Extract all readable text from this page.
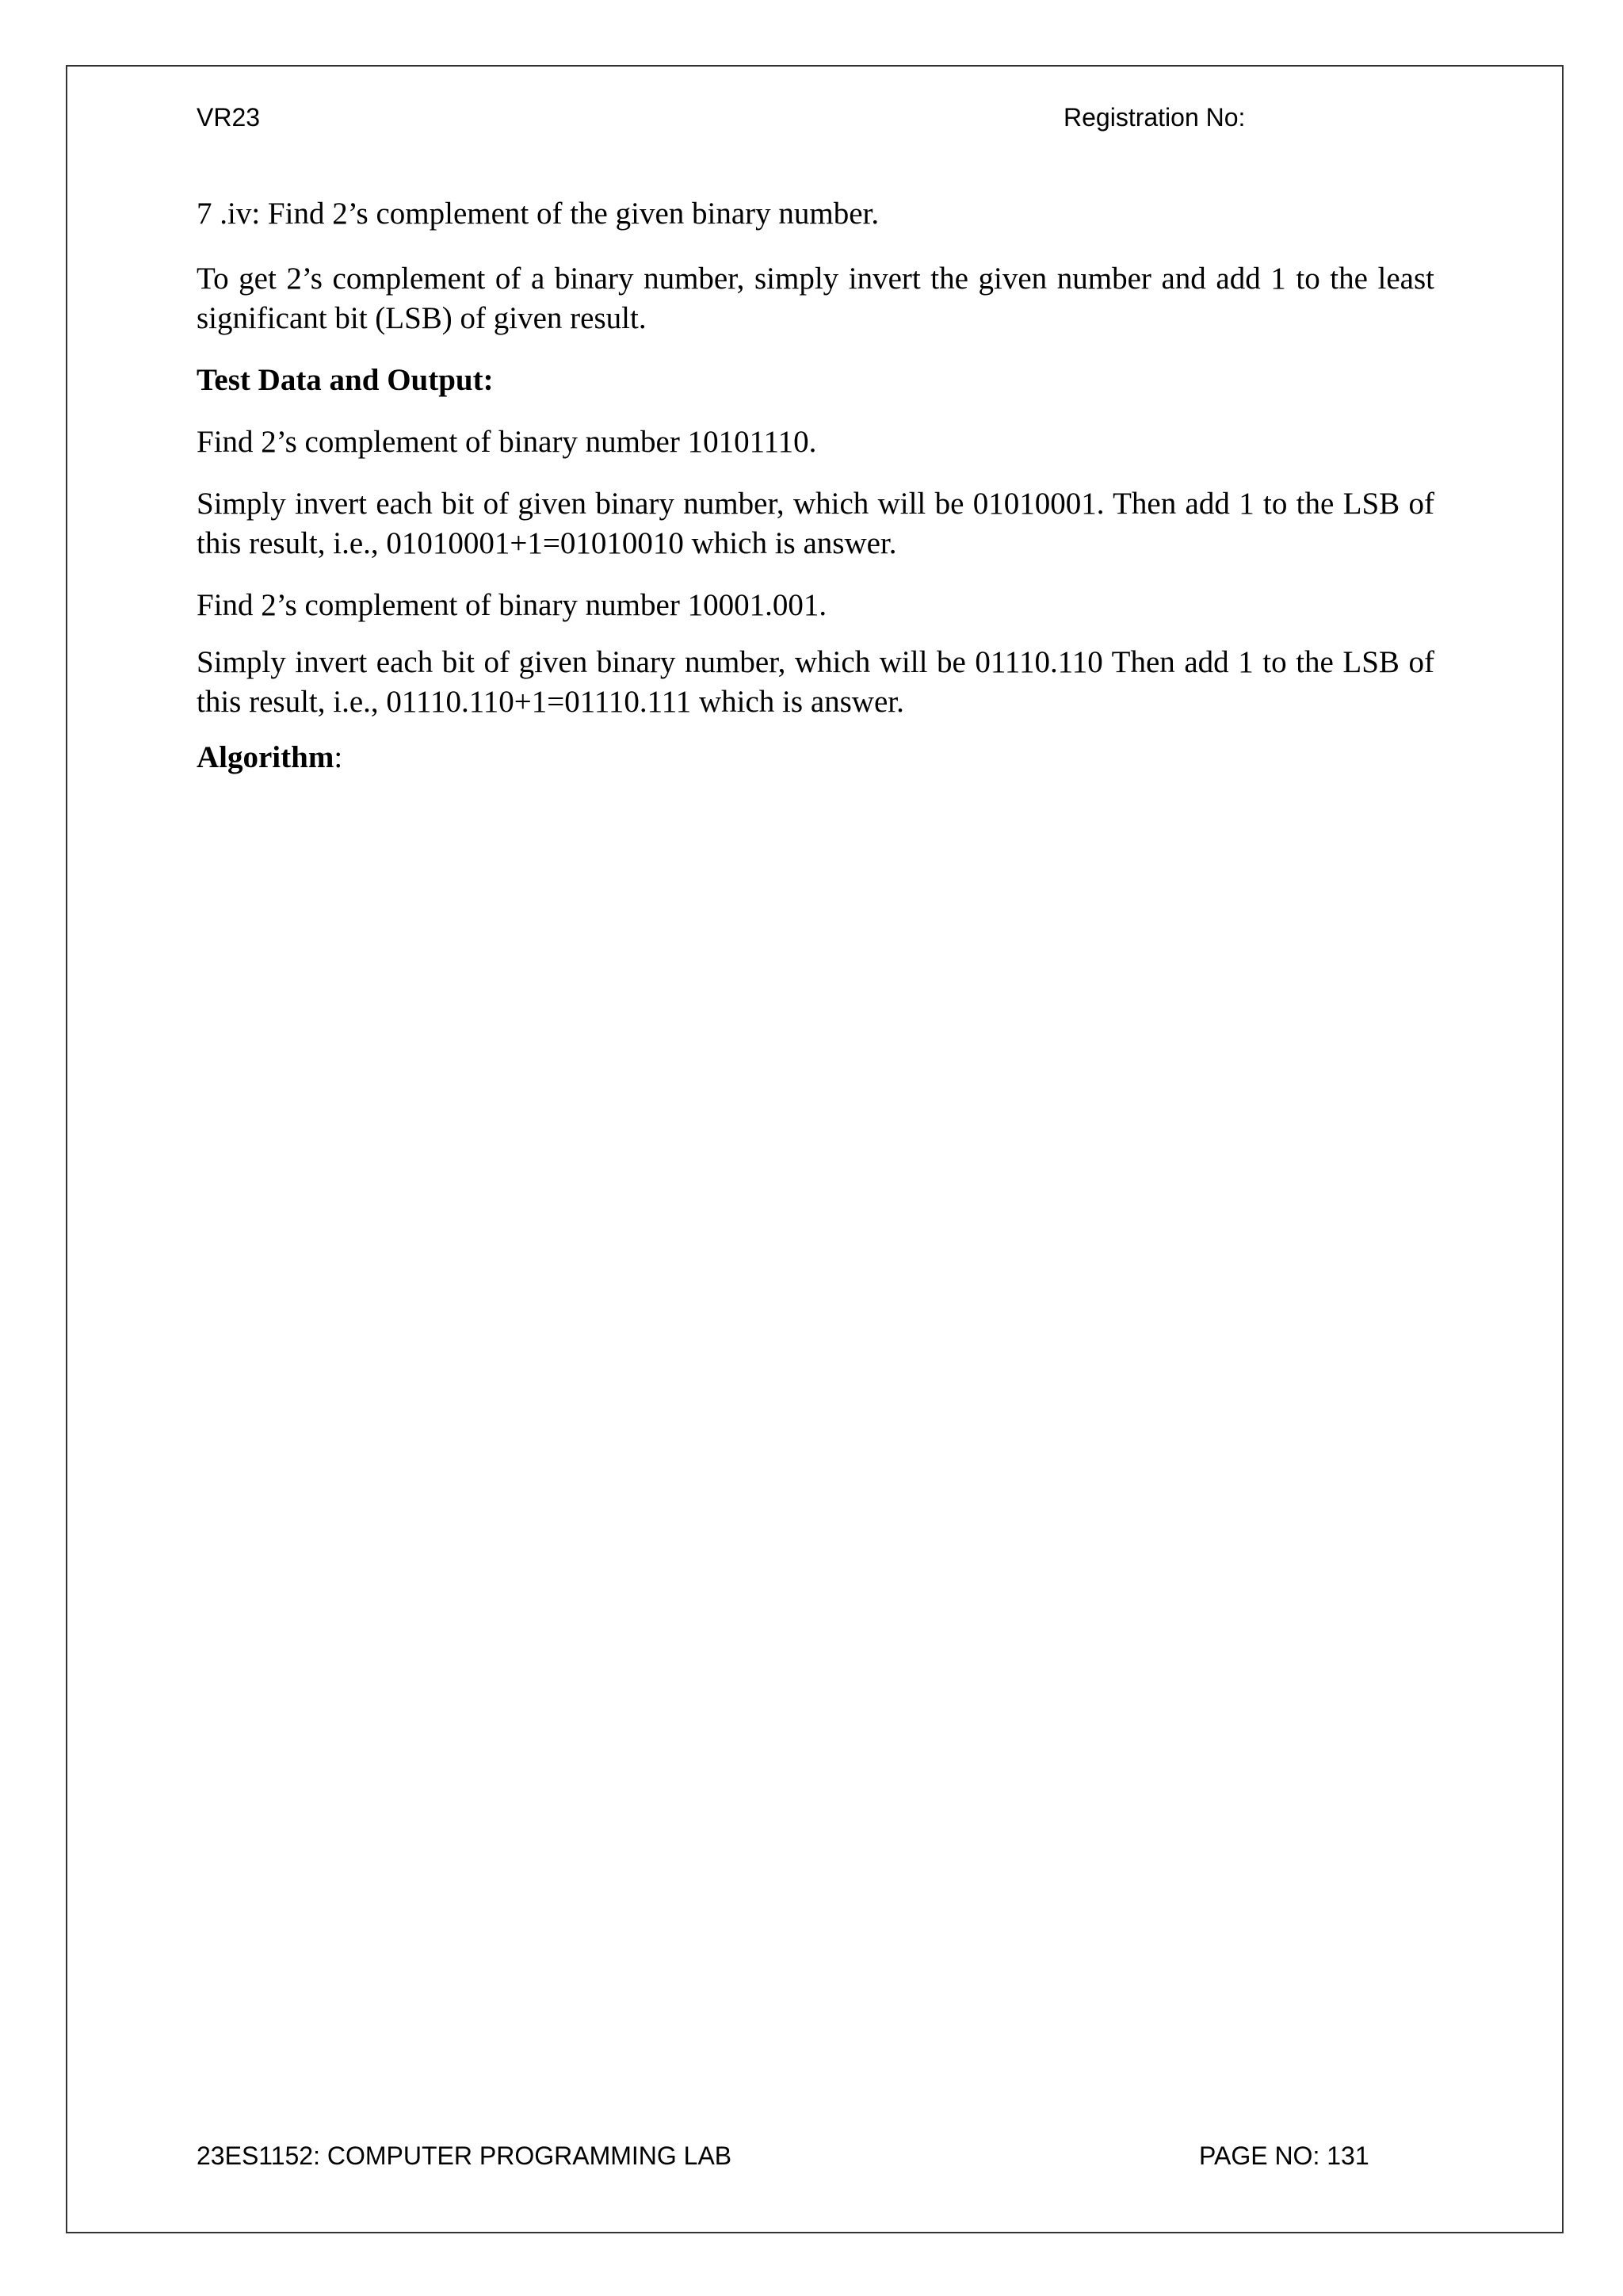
VR23	Registration No:

7 .iv: Find 2’s complement of the given binary number.

To get 2’s complement of a binary number, simply invert the given number and add 1 to the least significant bit (LSB) of given result.

Test Data and Output:

Find 2’s complement of binary number 10101110.

Simply invert each bit of given binary number, which will be 01010001. Then add 1 to the LSB of this result, i.e., 01010001+1=01010010 which is answer.

Find 2’s complement of binary number 10001.001.

Simply invert each bit of given binary number, which will be 01110.110 Then add 1 to the LSB of this result, i.e., 01110.110+1=01110.111 which is answer.

Algorithm:

23ES1152: COMPUTER PROGRAMMING LAB	PAGE NO: 131
